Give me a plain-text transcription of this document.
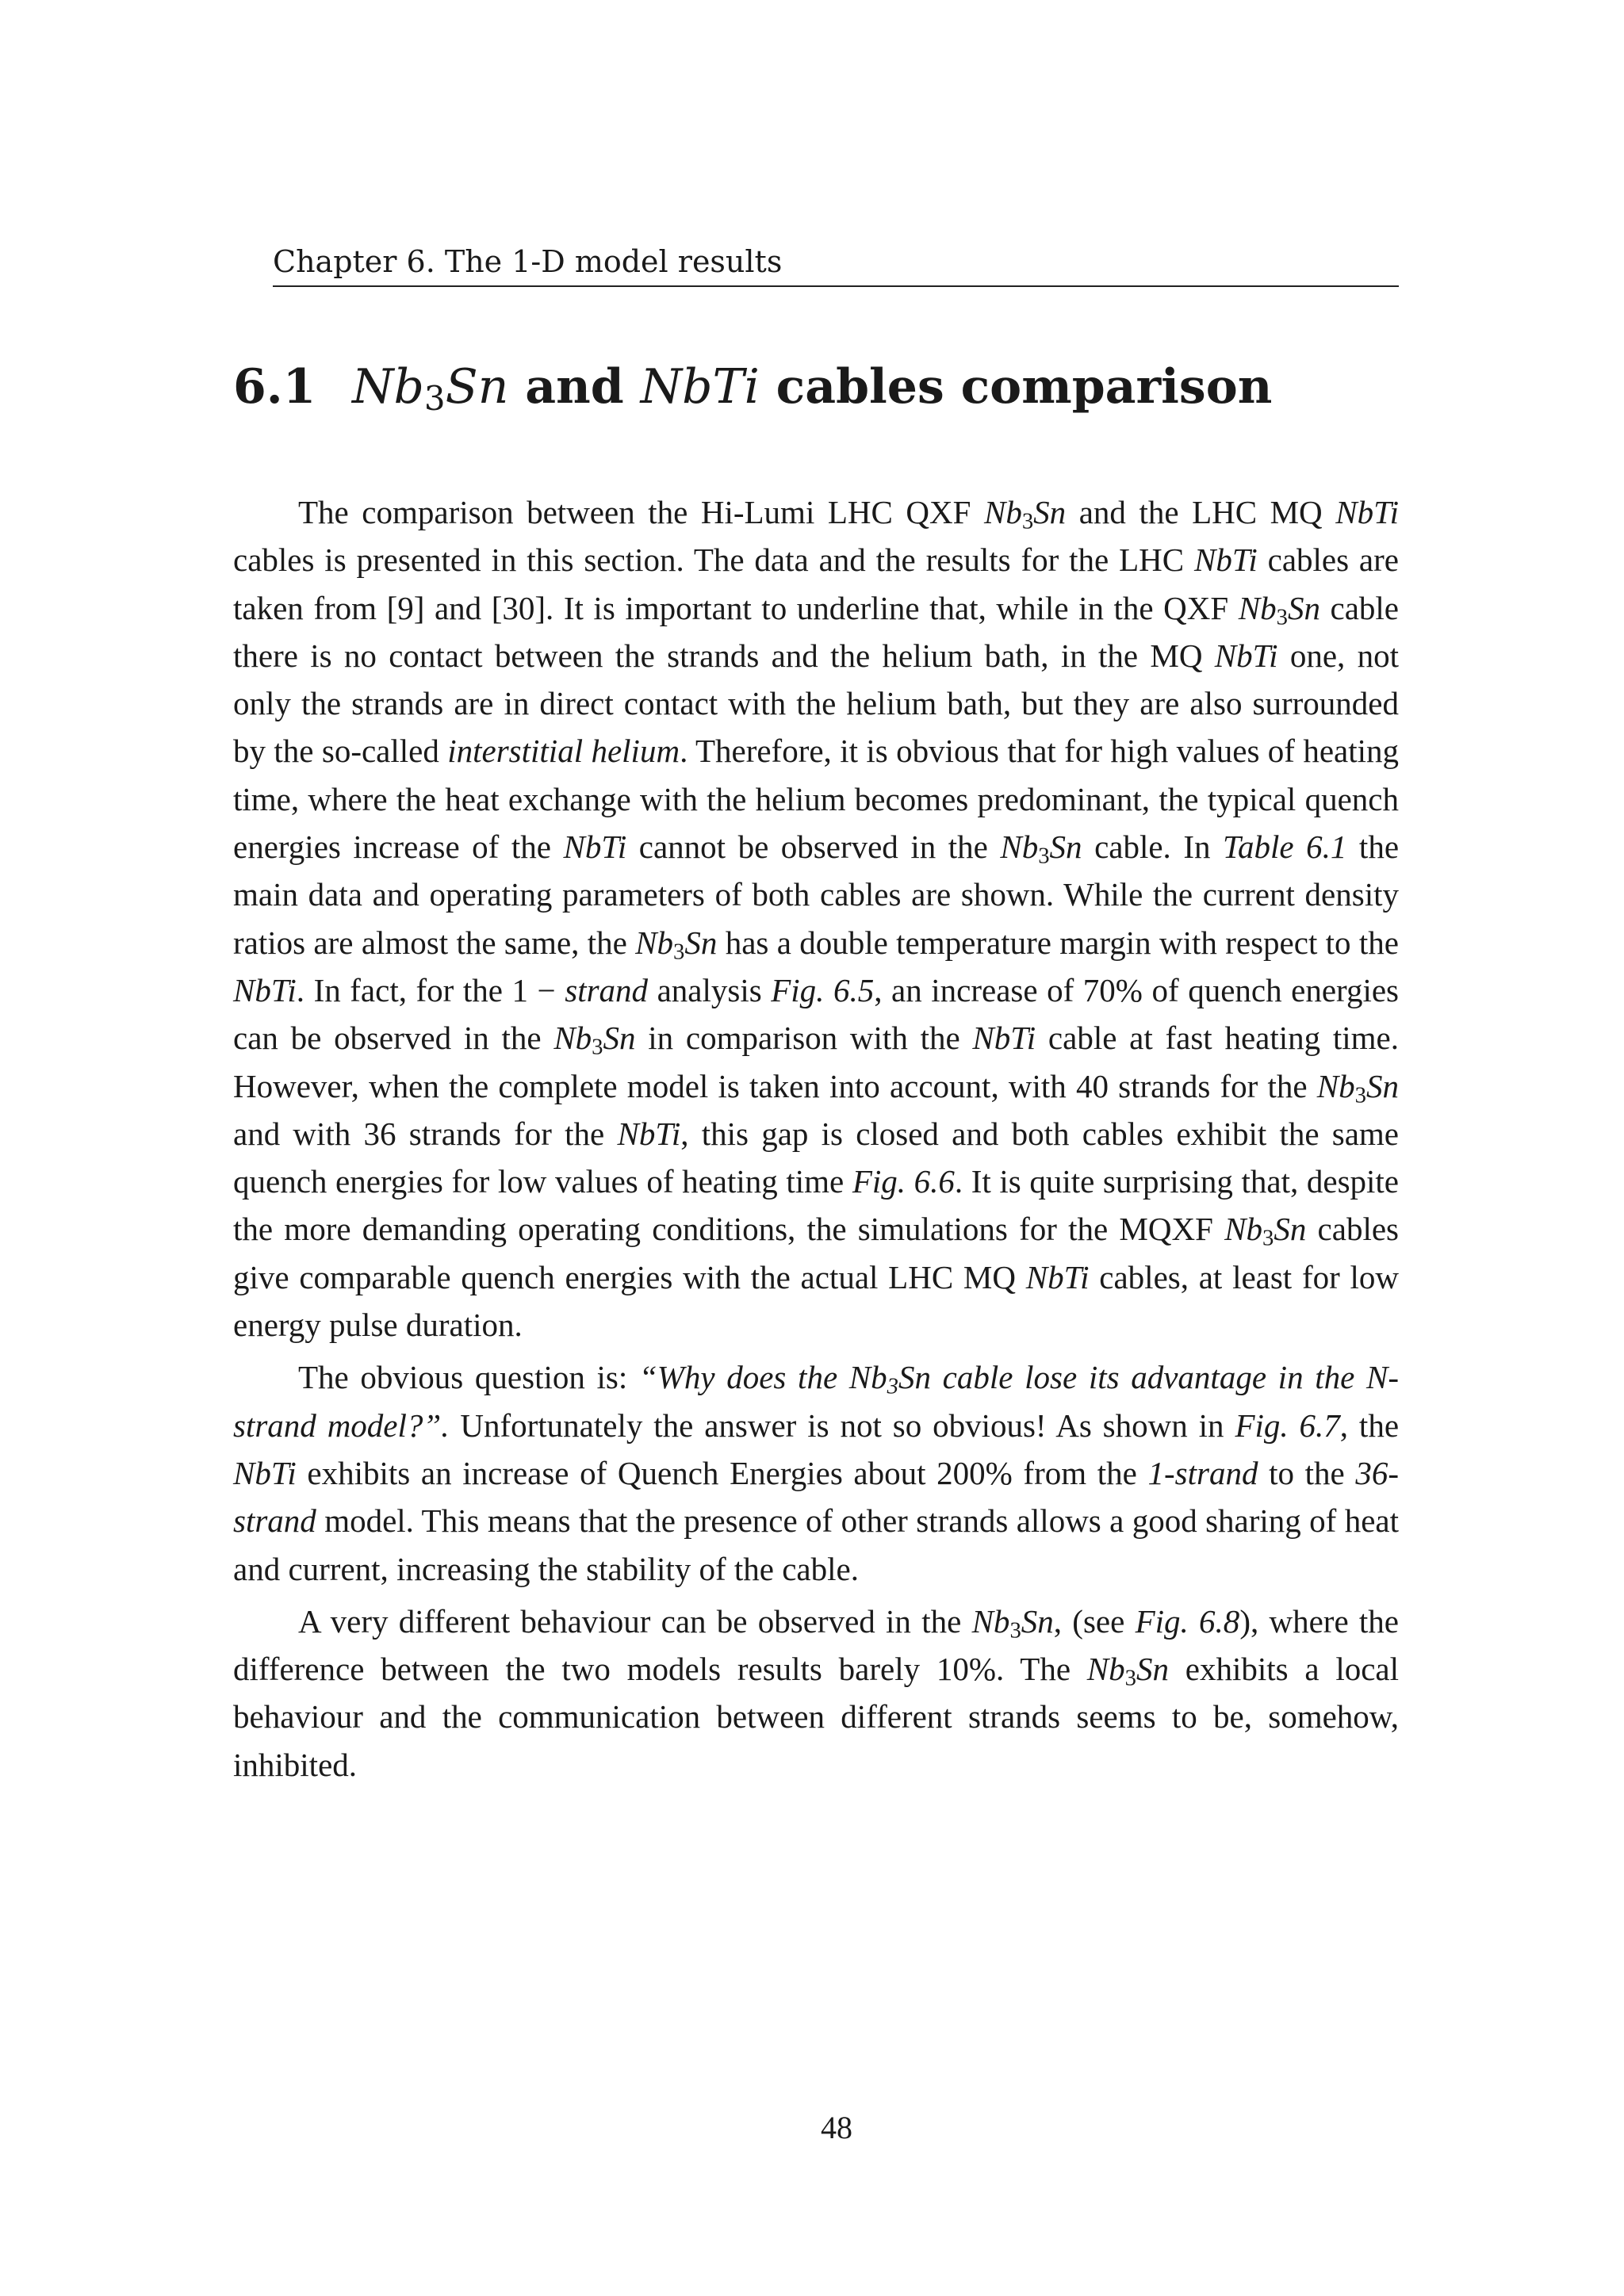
Chapter 6. The 1-D model results
6.1 $Nb_3Sn$ and NbTi cables comparison

The comparison between the Hi-Lumi LHC QXF $Nb_3Sn$ and the LHC MQ NbTi cables is presented in this section. The data and the results for the LHC NbTi cables are taken from [9] and [30]. It is important to underline that, while in the QXF $Nb_3Sn$ cable there is no contact between the strands and the helium bath, in the MQ NbTi one, not only the strands are in direct contact with the helium bath, but they are also surrounded by the so-called interstitial helium. Therefore, it is obvious that for high values of heating time, where the heat exchange with the helium becomes predominant, the typical quench energies increase of the NbTi cannot be observed in the $Nb_3Sn$ cable. In Table 6.1 the main data and operating parameters of both cables are shown. While the current density ratios are almost the same, the $Nb_3Sn$ has a double temperature margin with respect to the NbTi. In fact, for the 1 − strand analysis Fig. 6.5, an increase of 70% of quench energies can be observed in the $Nb_3Sn$ in comparison with the NbTi cable at fast heating time. However, when the complete model is taken into account, with 40 strands for the $Nb_3Sn$ and with 36 strands for the NbTi, this gap is closed and both cables exhibit the same quench energies for low values of heating time Fig. 6.6. It is quite surprising that, despite the more demanding operating conditions, the simulations for the MQXF $Nb_3Sn$ cables give comparable quench energies with the actual LHC MQ NbTi cables, at least for low energy pulse duration.

The obvious question is: “Why does the $Nb_3Sn$ cable lose its advantage in the N-strand model?”. Unfortunately the answer is not so obvious! As shown in Fig. 6.7, the NbTi exhibits an increase of Quench Energies about 200% from the 1-strand to the 36-strand model. This means that the presence of other strands allows a good sharing of heat and current, increasing the stability of the cable.

A very different behaviour can be observed in the $Nb_3Sn$, (see Fig. 6.8), where the difference between the two models results barely 10%. The $Nb_3Sn$ exhibits a local behaviour and the communication between different strands seems to be, somehow, inhibited.

48
